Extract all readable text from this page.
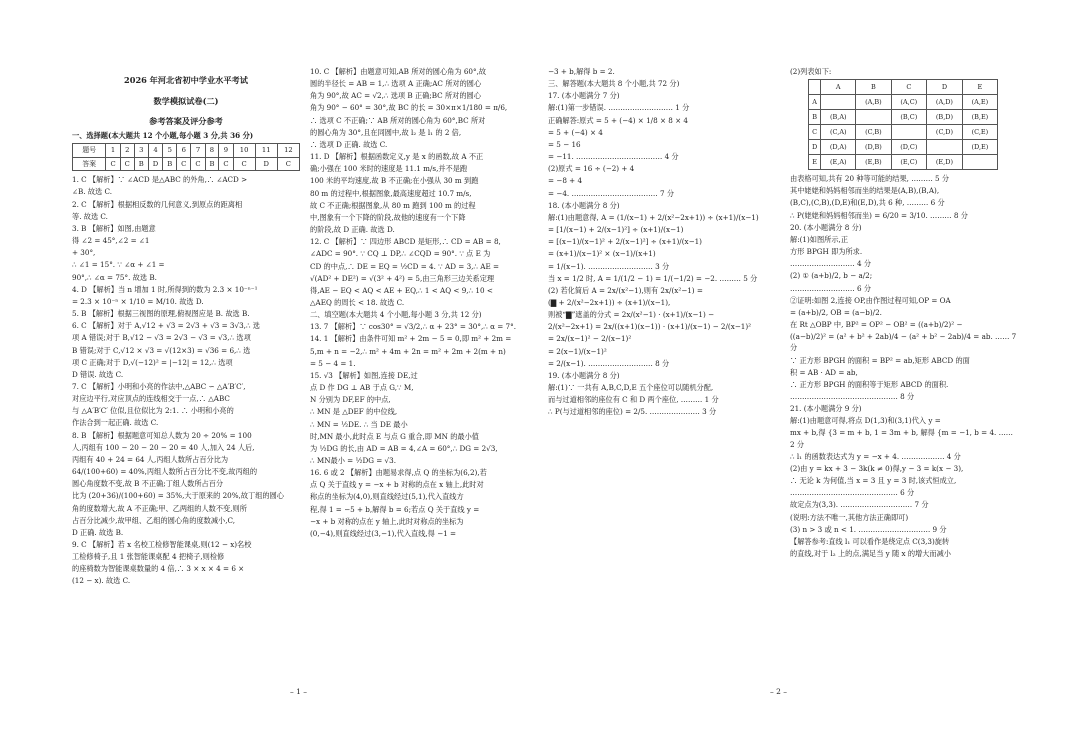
2026 年河北省初中学业水平考试
数学模拟试卷(二)
参考答案及评分参考
一、选择题(本大题共 12 个小题,每小题 3 分,共 36 分)
题号	1	2	3	4	5	6	7	8	9	10	11	12
答案	C	C	B	D	B	C	C	B	C	C	D	C
1. C 【解析】∵ ∠ACD 是△ABC 的外角,∴ ∠ACD >
∠B. 故选 C.
2. C 【解析】根据相反数的几何意义,到原点的距离相
等. 故选 C.
3. B 【解析】如图,由题意
得 ∠2 = 45°,∠2 = ∠1
+ 30°,
∴ ∠1 = 15°. ∵ ∠α + ∠1 =
90°,∴ ∠α = 75°. 故选 B.
4. D 【解析】当 n 增加 1 时,所得到的数为 2.3 × 10⁻ⁿ⁻¹
= 2.3 × 10⁻ⁿ × 1/10 = M/10. 故选 D.
5. B 【解析】根据三视图的原理,俯视图应是 B. 故选 B.
6. C 【解析】对于 A,√12 + √3 = 2√3 + √3 = 3√3,∴ 选
项 A 错误;对于 B,√12 − √3 = 2√3 − √3 = √3,∴ 选项
B 错误;对于 C,√12 × √3 = √(12×3) = √36 = 6,∴ 选
项 C 正确;对于 D,√(−12)² = |−12| = 12,∴ 选项
D 错误. 故选 C.
7. C 【解析】小明和小亮的作法中,△ABC ∽ △A′B′C′,
对应边平行,对应顶点的连线相交于一点,∴ △ABC
与 △A′B′C′ 位似,且位似比为 2:1. ∴ 小明和小亮的
作法合到一起正确. 故选 C.
8. B 【解析】根据题意可知总人数为 20 ÷ 20% = 100
人,丙组有 100 − 20 − 20 − 20 = 40 人,加入 24 人后,
丙组有 40 + 24 = 64 人,丙组人数所占百分比为
64/(100+60) = 40%,丙组人数所占百分比不变,故丙组的
圆心角度数不变,故 B 不正确;丁组人数所占百分
比为 (20+36)/(100+60) = 35%,大于原来的 20%,故丁组的圆心
角的度数增大,故 A 不正确;甲、乙两组的人数不变,则所
占百分比减少,故甲组、乙组的圆心角的度数减小,C,
D 正确. 故选 B.
9. C 【解析】若 x 名校工检修智能课桌,则(12 − x)名校
工检修椅子,且 1 张智能课桌配 4 把椅子,则检修
的座椅数为智能课桌数量的 4 倍,∴ 3 × x × 4 = 6 ×
(12 − x). 故选 C.
10. C 【解析】由题意可知,AB 所对的圆心角为 60°,故
圆的半径长 = AB = 1,∴ 选项 A 正确;AC 所对的圆心
角为 90°,故 AC = √2,∴ 选项 B 正确;BC 所对的圆心
角为 90° − 60° = 30°,故 BC 的长 = 30×π×1/180 = π/6,
∴ 选项 C 不正确;∵ AB 所对的圆心角为 60°,BC 所对
的圆心角为 30°,且在同圆中,故 l₂ 是 l₁ 的 2 倍,
∴ 选项 D 正确. 故选 C.
11. D 【解析】根据函数定义,y 是 x 的函数,故 A 不正
确;小强在 100 米时的速度是 11.1 m/s,并不是跑
100 米的平均速度,故 B 不正确;在小强从 30 m 到跑
80 m 的过程中,根据图象,最高速度超过 10.7 m/s,
故 C 不正确;根据图象,从 80 m 跑到 100 m 的过程
中,图象有一个下降的阶段,故他的速度有一个下降
的阶段,故 D 正确. 故选 D.
12. C 【解析】∵ 四边形 ABCD 是矩形,∴ CD = AB = 8,
∠ADC = 90°. ∵ CQ ⊥ DP,∴ ∠CQD = 90°. ∵ 点 E 为
CD 的中点,∴ DE = EQ = ½CD = 4. ∵ AD = 3,∴ AE =
√(AD² + DE²) = √(3² + 4²) = 5,由三角形三边关系定理
得,AE − EQ < AQ < AE + EQ,∴ 1 < AQ < 9,∴ 10 <
△AEQ 的周长 < 18. 故选 C.
二、填空题(本大题共 4 个小题,每小题 3 分,共 12 分)
13. 7 【解析】∵ cos30° = √3/2,∴ α + 23° = 30°,∴ α = 7°.
14. 1 【解析】由条件可知 m² + 2m − 5 = 0,即 m² + 2m =
5,m + n = −2,∴ m² + 4m + 2n = m² + 2m + 2(m + n)
= 5 − 4 = 1.
15. √3 【解析】如图,连接 DE,过
点 D 作 DG ⊥ AB 于点 G,∵ M,
N 分别为 DF,EF 的中点,
∴ MN 是 △DEF 的中位线,
∴ MN = ½DE. ∴ 当 DE 最小
时,MN 最小,此时点 E 与点 G 重合,即 MN 的最小值
为 ½DG 的长,由 AD = AB = 4,∠A = 60°,∴ DG = 2√3,
∴ MN最小 = ½DG = √3.
16. 6 或 2 【解析】由题易求得,点 Q 的坐标为(6,2),若
点 Q 关于直线 y = −x + b 对称的点在 x 轴上,此时对
称点的坐标为(4,0),则直线经过(5,1),代入直线方
程,得 1 = −5 + b,解得 b = 6;若点 Q 关于直线 y =
−x + b 对称的点在 y 轴上,此时对称点的坐标为
(0,−4),则直线经过(3,−1),代入直线,得 −1 =
−3 + b,解得 b = 2.
三、解答题(本大题共 8 个小题,共 72 分)
17. (本小题满分 7 分)
解:(1)第一步错误. ……………………… 1 分
正确解答:原式 = 5 + (−4) × 1/8 × 8 × 4
= 5 + (−4) × 4
= 5 − 16
= −11. ……………………………… 4 分
(2)原式 = 16 ÷ (−2) + 4
= −8 + 4
= −4. ……………………………… 7 分
18. (本小题满分 8 分)
解:(1)由题意得, A = (1/(x−1) + 2/(x²−2x+1)) ÷ (x+1)/(x−1)
= [1/(x−1) + 2/(x−1)²] ÷ (x+1)/(x−1)
= [(x−1)/(x−1)² + 2/(x−1)²] ÷ (x+1)/(x−1)
= (x+1)/(x−1)² × (x−1)/(x+1)
= 1/(x−1). ……………………… 3 分
当 x = 1/2 时, A = 1/(1/2 − 1) = 1/(−1/2) = −2. ……… 5 分
(2) 若化简后 A = 2x/(x²−1),则有 2x/(x²−1) =
(▇ + 2/(x²−2x+1)) ÷ (x+1)/(x−1),
则被“▇”遮盖的分式 = 2x/(x²−1) · (x+1)/(x−1) −
2/(x²−2x+1) = 2x/((x+1)(x−1)) · (x+1)/(x−1) − 2/(x−1)²
= 2x/(x−1)² − 2/(x−1)²
= 2(x−1)/(x−1)²
= 2/(x−1). ……………………… 8 分
19. (本小题满分 8 分)
解:(1)∵ 一共有 A,B,C,D,E 五个座位可以随机分配,
而与过道相邻的座位有 C 和 D 两个座位, ……… 1 分
∴ P(与过道相邻的座位) = 2/5. ………………… 3 分
(2)列表如下:
	A	B	C	D	E
A		(A,B)	(A,C)	(A,D)	(A,E)
B	(B,A)		(B,C)	(B,D)	(B,E)
C	(C,A)	(C,B)		(C,D)	(C,E)
D	(D,A)	(D,B)	(D,C)		(D,E)
E	(E,A)	(E,B)	(E,C)	(E,D)	
由表格可知,共有 20 种等可能的结果, ……… 5 分
其中姥姥和妈妈相邻而坐的结果是(A,B),(B,A),
(B,C),(C,B),(D,E)和(E,D),共 6 种, ……… 6 分
∴ P(姥姥和妈妈相邻而坐) = 6/20 = 3/10. ……… 8 分
20. (本小题满分 8 分)
解:(1)如图所示,正
方形 BPGH 即为所求.
……………………… 4 分
(2) ① (a+b)/2, b − a/2;
……………………… 6 分
②证明:如图 2,连接 OP,由作图过程可知,OP = OA
= (a+b)/2, OB = (a−b)/2.
在 Rt △OBP 中, BP² = OP² − OB² = ((a+b)/2)² −
((a−b)/2)² = (a² + b² + 2ab)/4 − (a² + b² − 2ab)/4 = ab. …… 7 分
∵ 正方形 BPGH 的面积 = BP² = ab,矩形 ABCD 的面
积 = AB · AD = ab,
∴ 正方形 BPGH 的面积等于矩形 ABCD 的面积.
……………………………………… 8 分
21. (本小题满分 9 分)
解:(1)由题意可得,将点 D(1,3)和(3,1)代入 y =
mx + b,得 {3 = m + b, 1 = 3m + b, 解得 {m = −1, b = 4. …… 2 分
∴ l₁ 的函数表达式为 y = −x + 4. ……………… 4 分
(2)由 y = kx + 3 − 3k(k ≠ 0)得,y − 3 = k(x − 3),
∴ 无论 k 为何值,当 x = 3 且 y = 3 时,该式恒成立,
……………………………………… 6 分
故定点为(3,3). ………………………… 7 分
(说明:方法不唯一,其他方法正确即可)
(3) n > 3 或 n < 1. ………………………… 9 分
【解答参考:直线 l₁ 可以看作是绕定点 C(3,3)旋转
的直线,对于 l₂ 上的点,满足当 y 随 x 的增大而减小
– 1 –	– 2 –
